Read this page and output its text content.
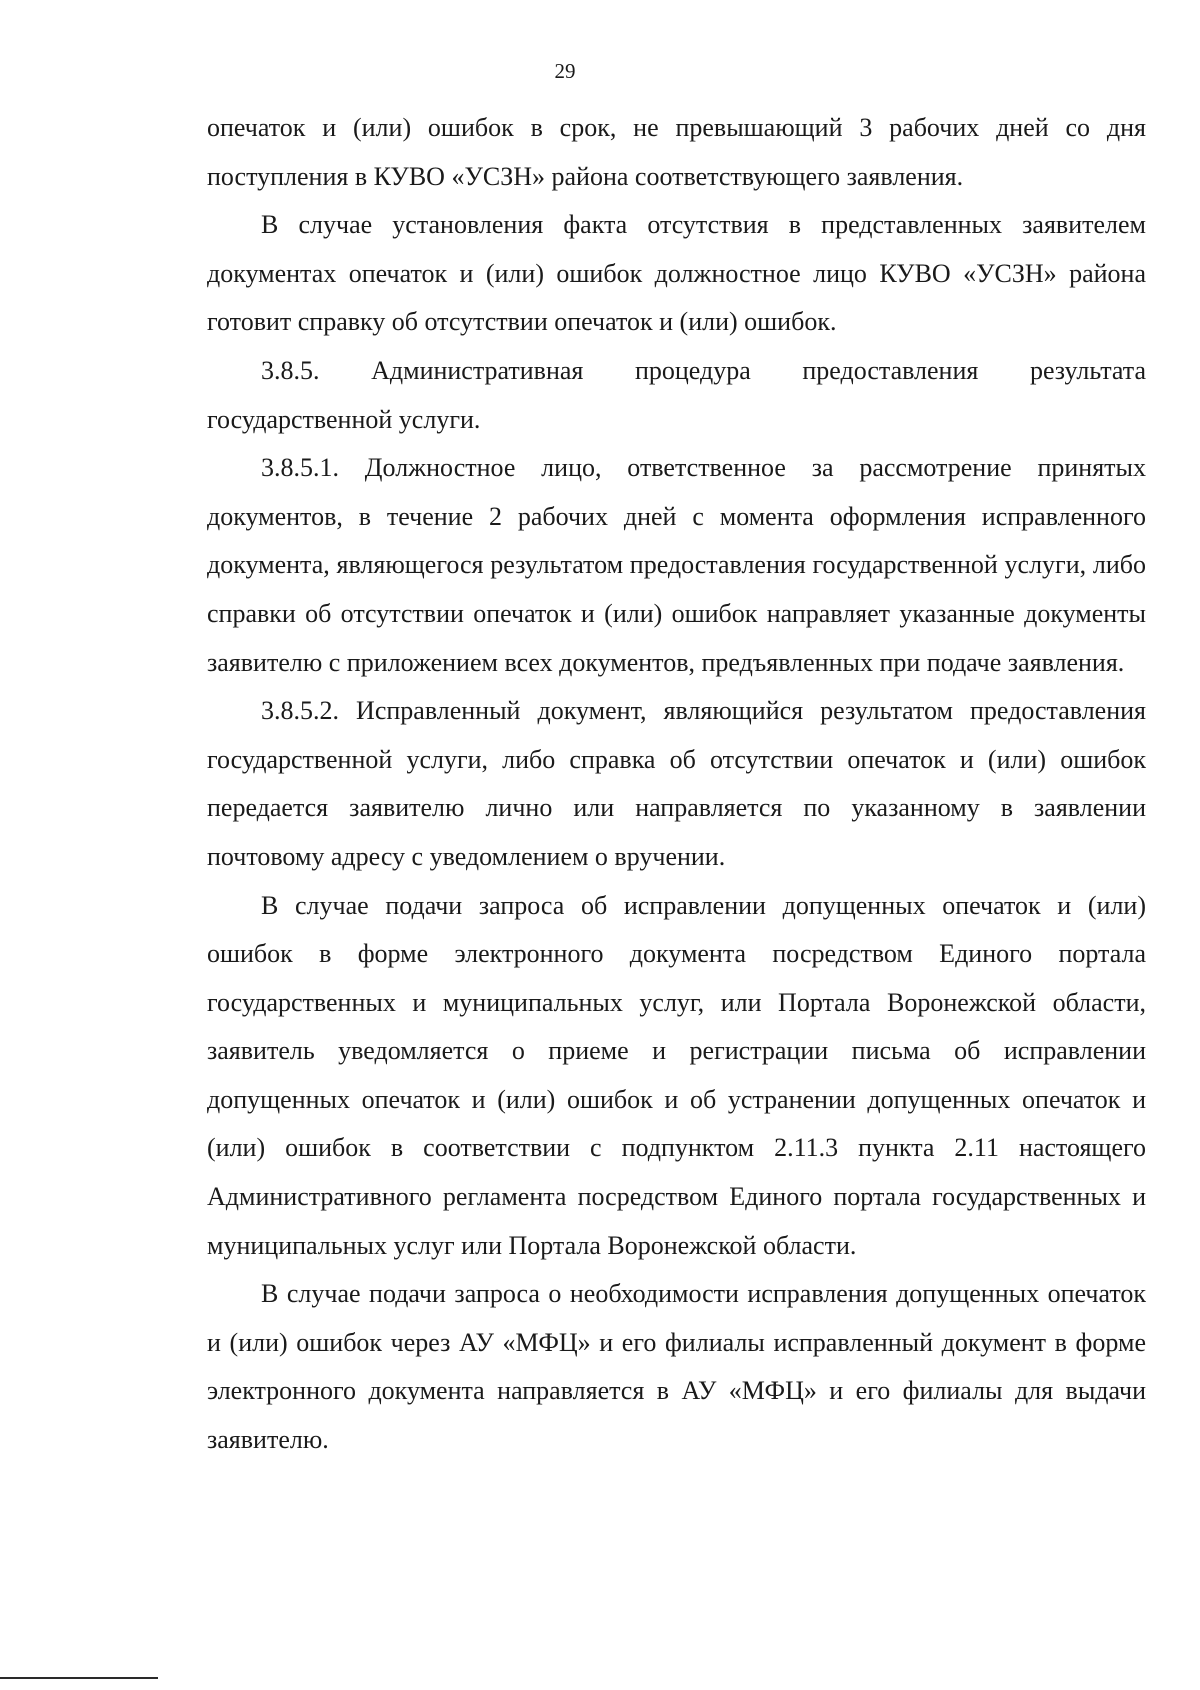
29

опечаток и (или) ошибок в срок, не превышающий 3 рабочих дней со дня поступления в КУВО «УСЗН» района соответствующего заявления.

В случае установления факта отсутствия в представленных заявителем документах опечаток и (или) ошибок должностное лицо КУВО «УСЗН» района готовит справку об отсутствии опечаток и (или) ошибок.

3.8.5. Административная процедура предоставления результата государственной услуги.

3.8.5.1. Должностное лицо, ответственное за рассмотрение принятых документов, в течение 2 рабочих дней с момента оформления исправленного документа, являющегося результатом предоставления государственной услуги, либо справки об отсутствии опечаток и (или) ошибок направляет указанные документы заявителю с приложением всех документов, предъявленных при подаче заявления.

3.8.5.2. Исправленный документ, являющийся результатом предоставления государственной услуги, либо справка об отсутствии опечаток и (или) ошибок передается заявителю лично или направляется по указанному в заявлении почтовому адресу с уведомлением о вручении.

В случае подачи запроса об исправлении допущенных опечаток и (или) ошибок в форме электронного документа посредством Единого портала государственных и муниципальных услуг, или Портала Воронежской области, заявитель уведомляется о приеме и регистрации письма об исправлении допущенных опечаток и (или) ошибок и об устранении допущенных опечаток и (или) ошибок в соответствии с подпунктом 2.11.3 пункта 2.11 настоящего Административного регламента посредством Единого портала государственных и муниципальных услуг или Портала Воронежской области.

В случае подачи запроса о необходимости исправления допущенных опечаток и (или) ошибок через АУ «МФЦ» и его филиалы исправленный документ в форме электронного документа направляется в АУ «МФЦ» и его филиалы для выдачи заявителю.
